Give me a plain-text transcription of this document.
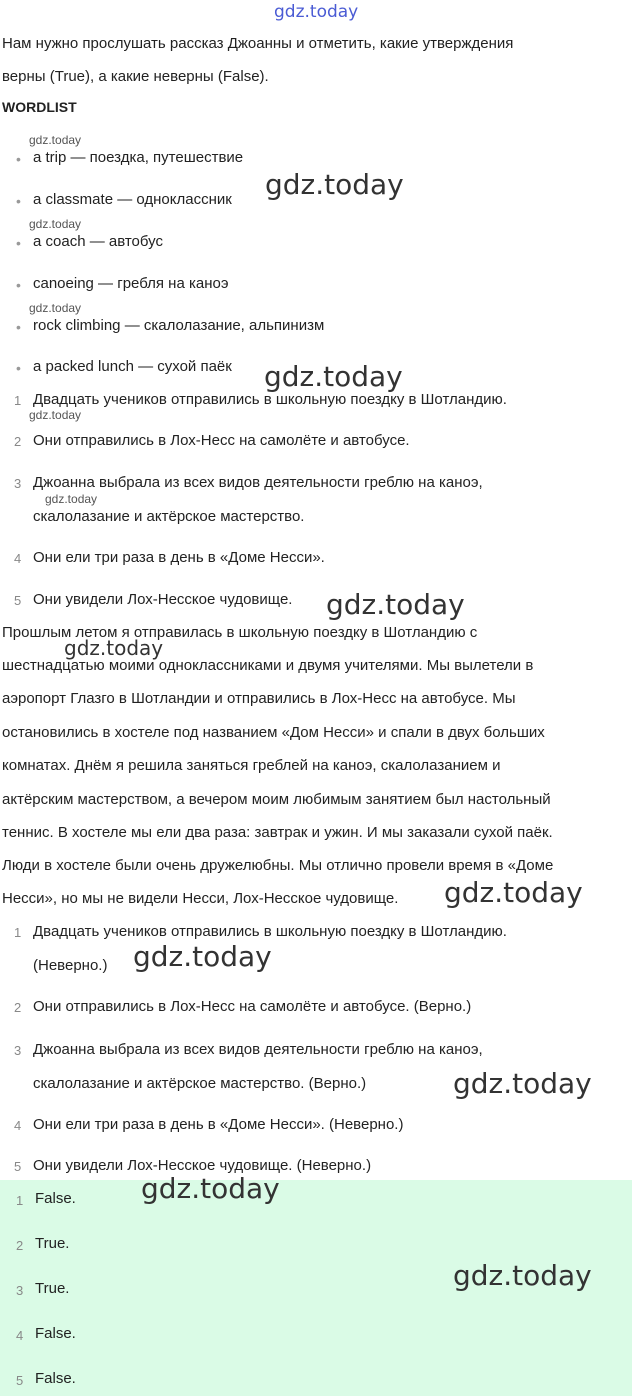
gdz.today
Нам нужно прослушать рассказ Джоанны и отметить, какие утверждения
верны (True), а какие неверны (False).
WORDLIST
gdz.today
• a trip — поездка, путешествие
• a classmate — одноклассник gdz.today
gdz.today
• a coach — автобус
• canoeing — гребля на каноэ
gdz.today
• rock climbing — скалолазание, альпинизм
• a packed lunch — сухой паёк gdz.today
1 Двадцать учеников отправились в школьную поездку в Шотландию.
gdz.today
2 Они отправились в Лох-Несс на самолёте и автобусе.
3 Джоанна выбрала из всех видов деятельности греблю на каноэ,
gdz.today
скалолазание и актёрское мастерство.
4 Они ели три раза в день в «Доме Несси».
5 Они увидели Лох-Несское чудовище. gdz.today
Прошлым летом я отправилась в школьную поездку в Шотландию с
gdz.today
шестнадцатью моими одноклассниками и двумя учителями. Мы вылетели в
аэропорт Глазго в Шотландии и отправились в Лох-Несс на автобусе. Мы
остановились в хостеле под названием «Дом Несси» и спали в двух больших
комнатах. Днём я решила заняться греблей на каноэ, скалолазанием и
актёрским мастерством, а вечером моим любимым занятием был настольный
теннис. В хостеле мы ели два раза: завтрак и ужин. И мы заказали сухой паёк.
Люди в хостеле были очень дружелюбны. Мы отлично провели время в «Доме
Несси», но мы не видели Несси, Лох-Несское чудовище. gdz.today
1 Двадцать учеников отправились в школьную поездку в Шотландию.
(Неверно.) gdz.today
2 Они отправились в Лох-Несс на самолёте и автобусе. (Верно.)
3 Джоанна выбрала из всех видов деятельности греблю на каноэ,
скалолазание и актёрское мастерство. (Верно.)	gdz.today
4 Они ели три раза в день в «Доме Несси». (Неверно.)
5 Они увидели Лох-Несское чудовище. (Неверно.)
gdz.today
1 False.
2 True.
3 True.	gdz.today
4 False.
5 False.
